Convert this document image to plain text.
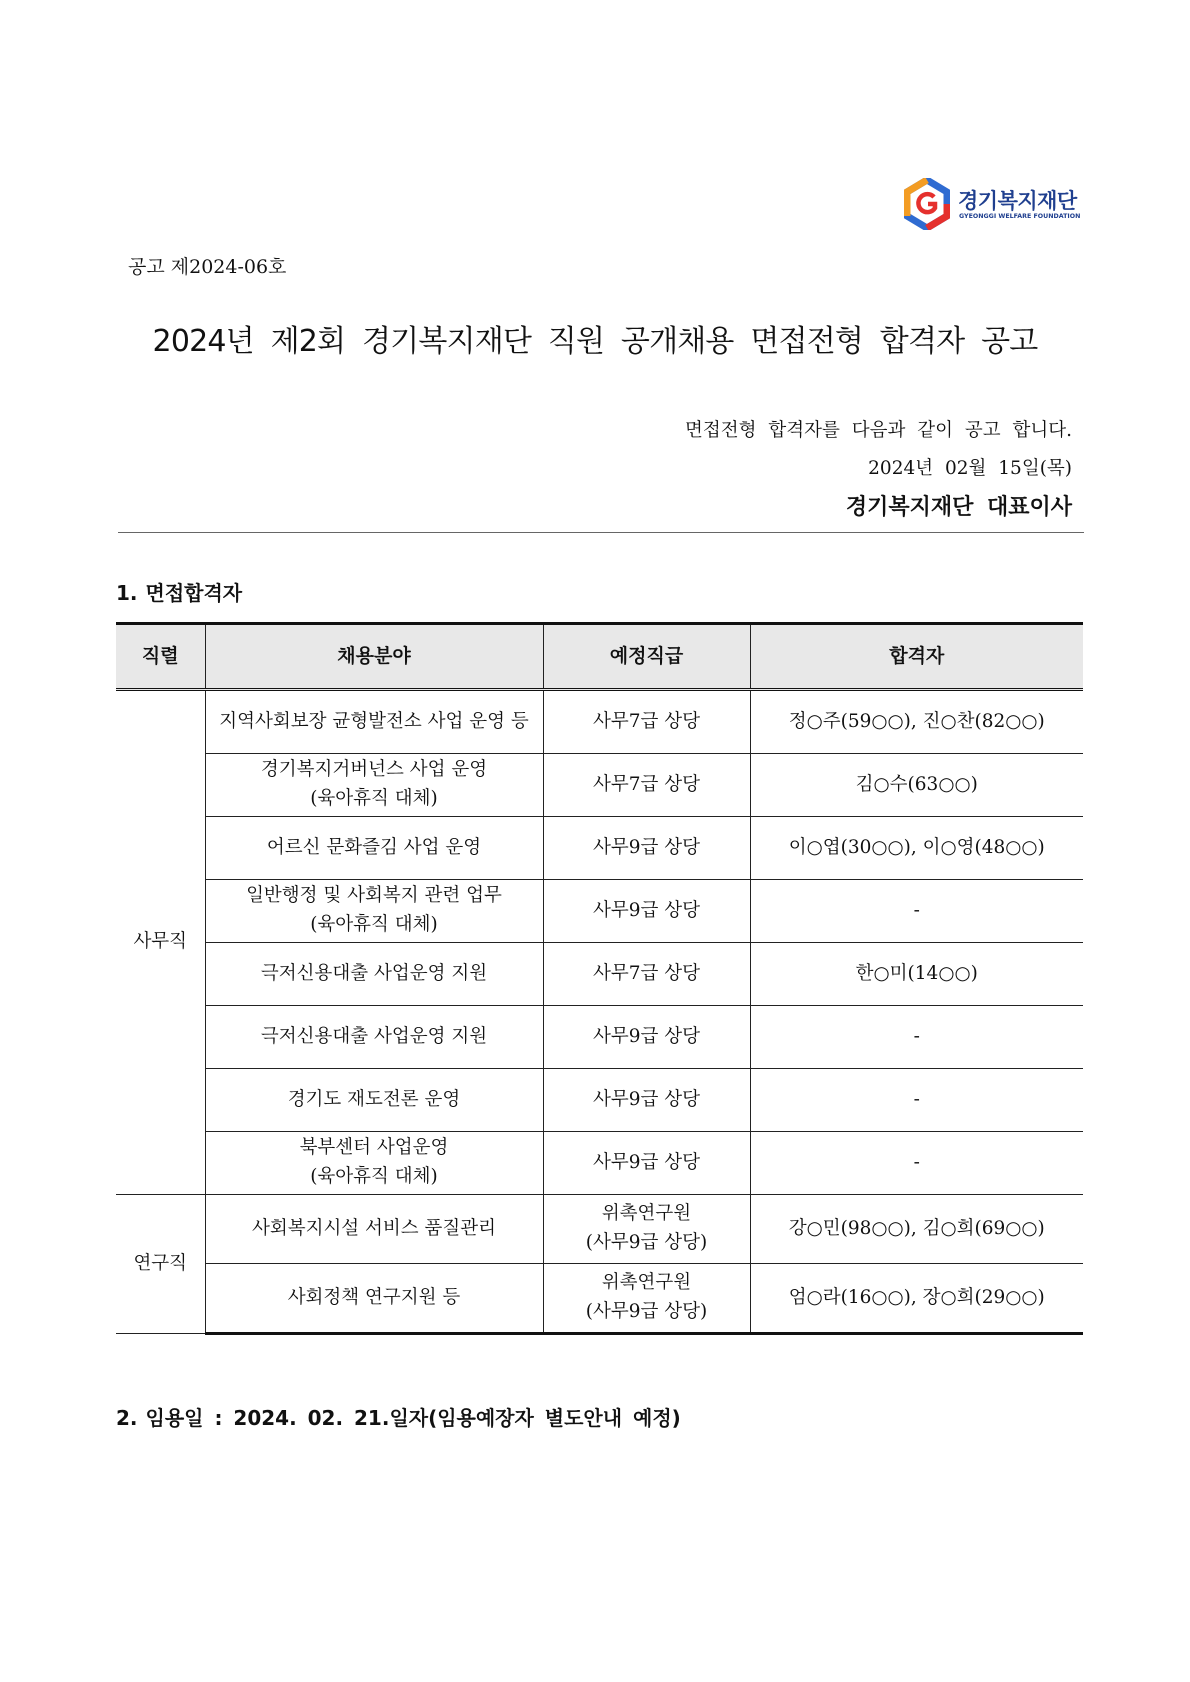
경기복지재단
GYEONGGI WELFARE FOUNDATION
공고 제2024-06호
2024년 제2회 경기복지재단 직원 공개채용 면접전형 합격자 공고
면접전형 합격자를 다음과 같이 공고 합니다.
2024년 02월 15일(목)
경기복지재단 대표이사
1. 면접합격자
직렬	채용분야	예정직급	합격자
사무직	지역사회보장 균형발전소 사업 운영 등	사무7급 상당	정○주(59○○), 진○찬(82○○)

	경기복지거버넌스 사업 운영
(육아휴직 대체)	사무7급 상당	김○수(63○○)

	어르신 문화즐김 사업 운영	사무9급 상당	이○엽(30○○), 이○영(48○○)

	일반행정 및 사회복지 관련 업무
(육아휴직 대체)	사무9급 상당	-

	극저신용대출 사업운영 지원	사무7급 상당	한○미(14○○)

	극저신용대출 사업운영 지원	사무9급 상당	-

	경기도 재도전론 운영	사무9급 상당	-

	북부센터 사업운영
(육아휴직 대체)	사무9급 상당	-
연구직	사회복지시설 서비스 품질관리	위촉연구원
(사무9급 상당)	강○민(98○○), 김○희(69○○)

	사회정책 연구지원 등	위촉연구원
(사무9급 상당)	엄○라(16○○), 장○희(29○○)
2. 임용일 : 2024. 02. 21.일자(임용예장자 별도안내 예정)
